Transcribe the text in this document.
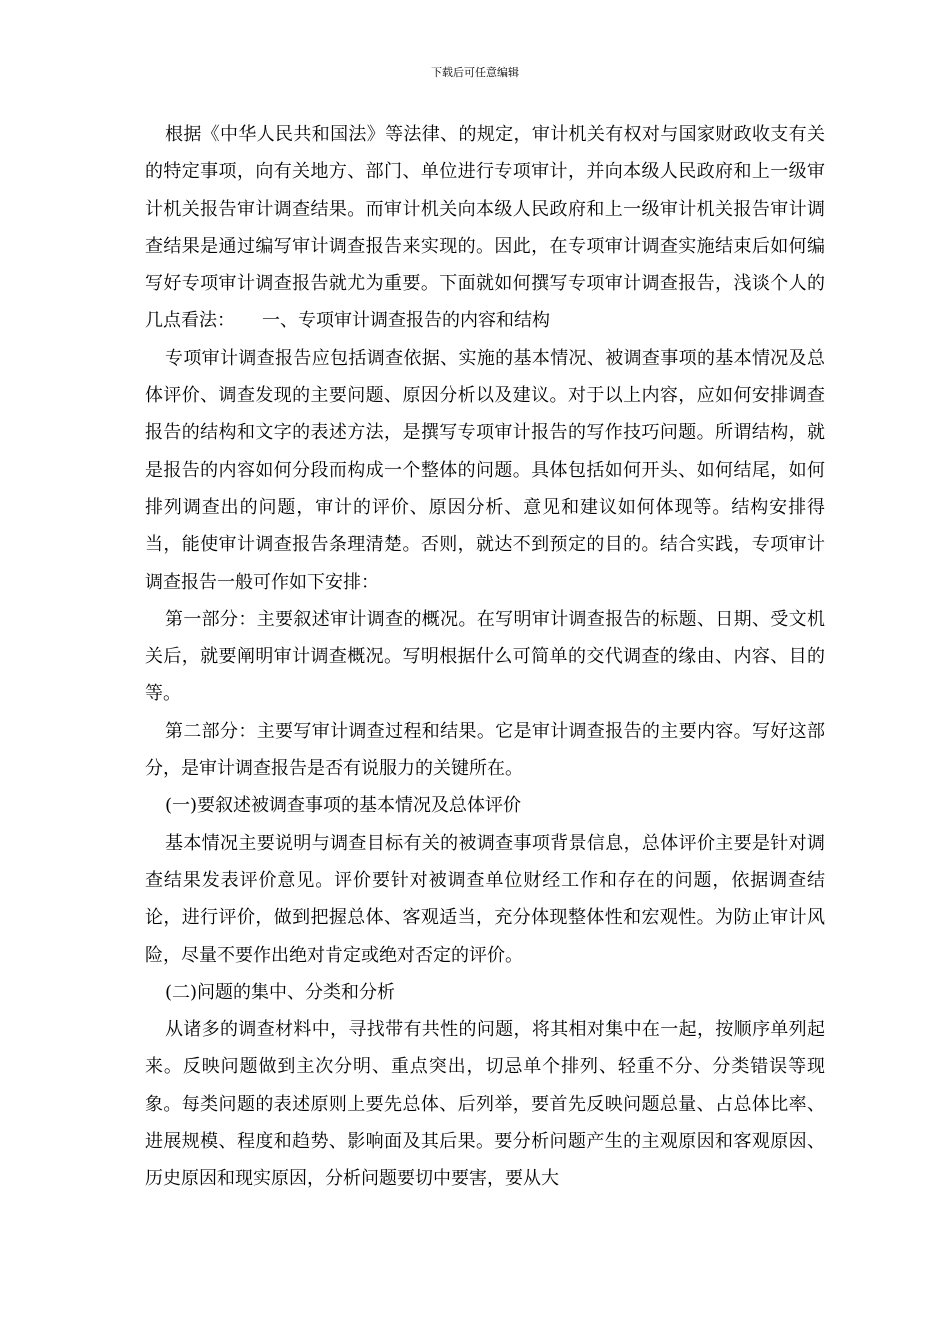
下载后可任意编辑

根据《中华人民共和国法》等法律、的规定，审计机关有权对与国家财政收支有关的特定事项，向有关地方、部门、单位进行专项审计，并向本级人民政府和上一级审计机关报告审计调查结果。而审计机关向本级人民政府和上一级审计机关报告审计调查结果是通过编写审计调查报告来实现的。因此，在专项审计调查实施结束后如何编写好专项审计调查报告就尤为重要。下面就如何撰写专项审计调查报告，浅谈个人的几点看法：　　一、专项审计调查报告的内容和结构

专项审计调查报告应包括调查依据、实施的基本情况、被调查事项的基本情况及总体评价、调查发现的主要问题、原因分析以及建议。对于以上内容，应如何安排调查报告的结构和文字的表述方法，是撰写专项审计报告的写作技巧问题。所谓结构，就是报告的内容如何分段而构成一个整体的问题。具体包括如何开头、如何结尾，如何排列调查出的问题，审计的评价、原因分析、意见和建议如何体现等。结构安排得当，能使审计调查报告条理清楚。否则，就达不到预定的目的。结合实践，专项审计调查报告一般可作如下安排：

第一部分：主要叙述审计调查的概况。在写明审计调查报告的标题、日期、受文机关后，就要阐明审计调查概况。写明根据什么可简单的交代调查的缘由、内容、目的等。

第二部分：主要写审计调查过程和结果。它是审计调查报告的主要内容。写好这部分，是审计调查报告是否有说服力的关键所在。

(一)要叙述被调查事项的基本情况及总体评价

基本情况主要说明与调查目标有关的被调查事项背景信息，总体评价主要是针对调查结果发表评价意见。评价要针对被调查单位财经工作和存在的问题，依据调查结论，进行评价，做到把握总体、客观适当，充分体现整体性和宏观性。为防止审计风险，尽量不要作出绝对肯定或绝对否定的评价。

(二)问题的集中、分类和分析

从诸多的调查材料中，寻找带有共性的问题，将其相对集中在一起，按顺序单列起来。反映问题做到主次分明、重点突出，切忌单个排列、轻重不分、分类错误等现象。每类问题的表述原则上要先总体、后列举，要首先反映问题总量、占总体比率、进展规模、程度和趋势、影响面及其后果。要分析问题产生的主观原因和客观原因、历史原因和现实原因，分析问题要切中要害，要从大
